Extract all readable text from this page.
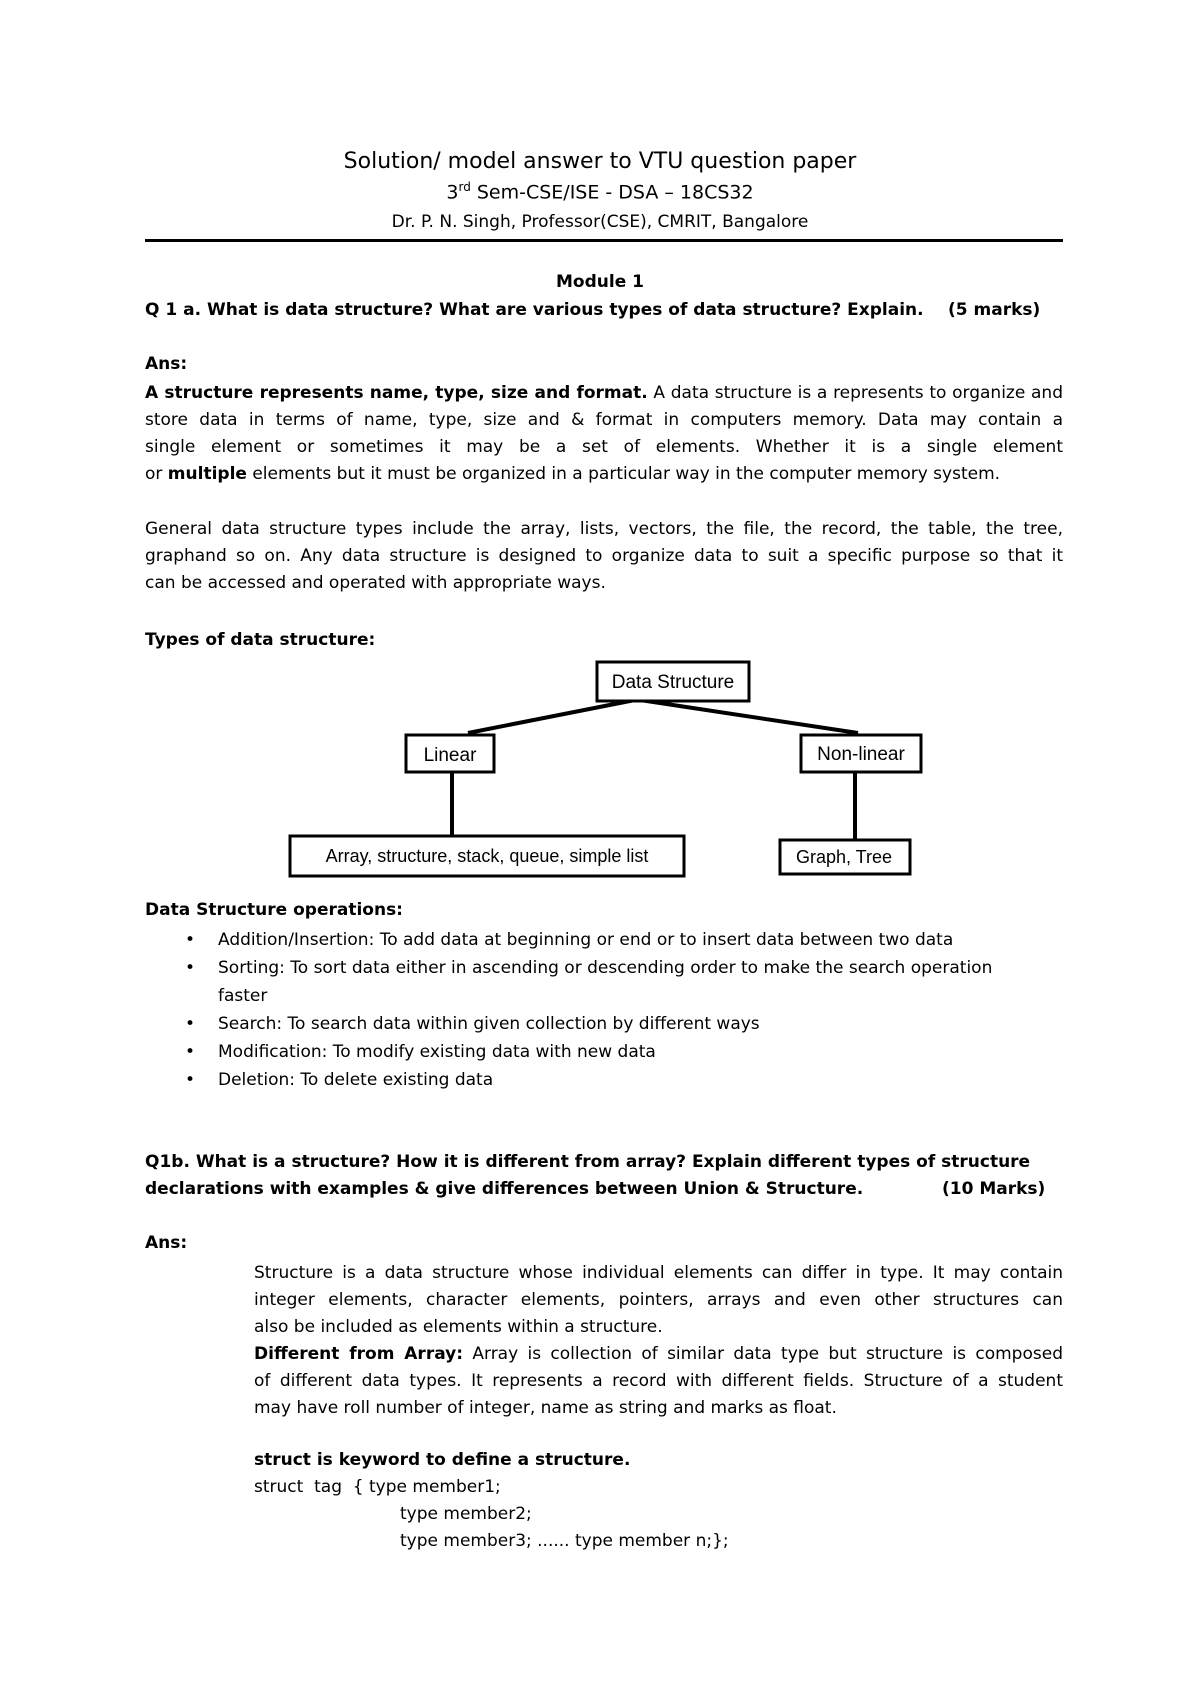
Solution/ model answer to VTU question paper
3rd Sem-CSE/ISE - DSA – 18CS32
Dr. P. N. Singh, Professor(CSE), CMRIT, Bangalore
Module 1
Q 1 a. What is data structure? What are various types of data structure? Explain. (5 marks)
Ans:
A structure represents name, type, size and format. A data structure is a represents to organize and
store data in terms of name, type, size and & format in computers memory. Data may contain a
single element or sometimes it may be a set of elements. Whether it is a single element
or multiple elements but it must be organized in a particular way in the computer memory system.
General data structure types include the array, lists, vectors, the file, the record, the table, the tree,
graphand so on. Any data structure is designed to organize data to suit a specific purpose so that it
can be accessed and operated with appropriate ways.
Types of data structure:
Data Structure
Linear	Non-linear
Array, structure, stack, queue, simple list	Graph, Tree
Data Structure operations:
• Addition/Insertion: To add data at beginning or end or to insert data between two data
• Sorting: To sort data either in ascending or descending order to make the search operation
faster
• Search: To search data within given collection by different ways
• Modification: To modify existing data with new data
• Deletion: To delete existing data
Q1b. What is a structure? How it is different from array? Explain different types of structure
declarations with examples & give differences between Union & Structure.	(10 Marks)
Ans:
Structure is a data structure whose individual elements can differ in type. It may contain
integer elements, character elements, pointers, arrays and even other structures can
also be included as elements within a structure.
Different from Array: Array is collection of similar data type but structure is composed
of different data types. It represents a record with different fields. Structure of a student
may have roll number of integer, name as string and marks as float.
struct is keyword to define a structure.
struct  tag  { type member1;
type member2;
type member3; ...... type member n;};
